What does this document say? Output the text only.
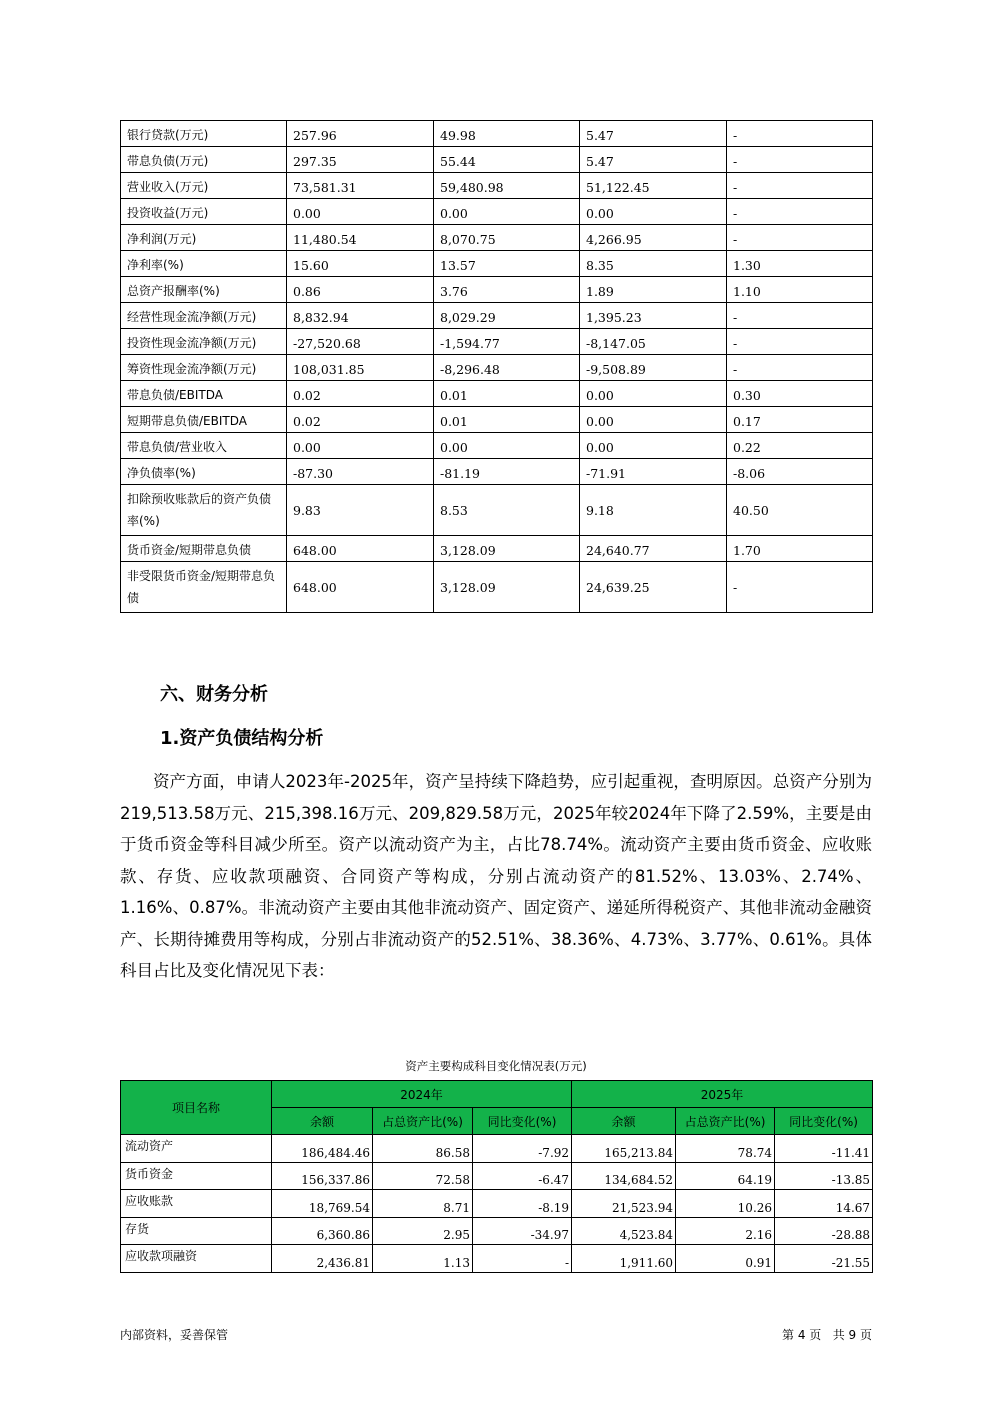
银行贷款(万元)	257.96	49.98	5.47	-
带息负债(万元)	297.35	55.44	5.47	-
营业收入(万元)	73,581.31	59,480.98	51,122.45	-
投资收益(万元)	0.00	0.00	0.00	-
净利润(万元)	11,480.54	8,070.75	4,266.95	-
净利率(%)	15.60	13.57	8.35	1.30
总资产报酬率(%)	0.86	3.76	1.89	1.10
经营性现金流净额(万元)	8,832.94	8,029.29	1,395.23	-
投资性现金流净额(万元)	-27,520.68	-1,594.77	-8,147.05	-
筹资性现金流净额(万元)	108,031.85	-8,296.48	-9,508.89	-
带息负债/EBITDA	0.02	0.01	0.00	0.30
短期带息负债/EBITDA	0.02	0.01	0.00	0.17
带息负债/营业收入	0.00	0.00	0.00	0.22
净负债率(%)	-87.30	-81.19	-71.91	-8.06
扣除预收账款后的资产负债率(%)	9.83	8.53	9.18	40.50
货币资金/短期带息负债	648.00	3,128.09	24,640.77	1.70
非受限货币资金/短期带息负债	648.00	3,128.09	24,639.25	-
六、财务分析
1.资产负债结构分析

资产方面，申请人2023年-2025年，资产呈持续下降趋势，应引起重视，查明原因。总资产分别为219,513.58万元、215,398.16万元、209,829.58万元，2025年较2024年下降了2.59%，主要是由于货币资金等科目减少所至。资产以流动资产为主，占比78.74%。流动资产主要由货币资金、应收账款、存货、应收款项融资、合同资产等构成，分别占流动资产的81.52%、13.03%、2.74%、1.16%、0.87%。非流动资产主要由其他非流动资产、固定资产、递延所得税资产、其他非流动金融资产、长期待摊费用等构成，分别占非流动资产的52.51%、38.36%、4.73%、3.77%、0.61%。具体科目占比及变化情况见下表：

资产主要构成科目变化情况表(万元)
项目名称	2024年			2025年		
	余额	占总资产比(%)	同比变化(%)	余额	占总资产比(%)	同比变化(%)
流动资产	186,484.46	86.58	-7.92	165,213.84	78.74	-11.41
货币资金	156,337.86	72.58	-6.47	134,684.52	64.19	-13.85
应收账款	18,769.54	8.71	-8.19	21,523.94	10.26	14.67
存货	6,360.86	2.95	-34.97	4,523.84	2.16	-28.88
应收款项融资	2,436.81	1.13	-	1,911.60	0.91	-21.55
内部资料，妥善保管	第 4 页   共 9 页
